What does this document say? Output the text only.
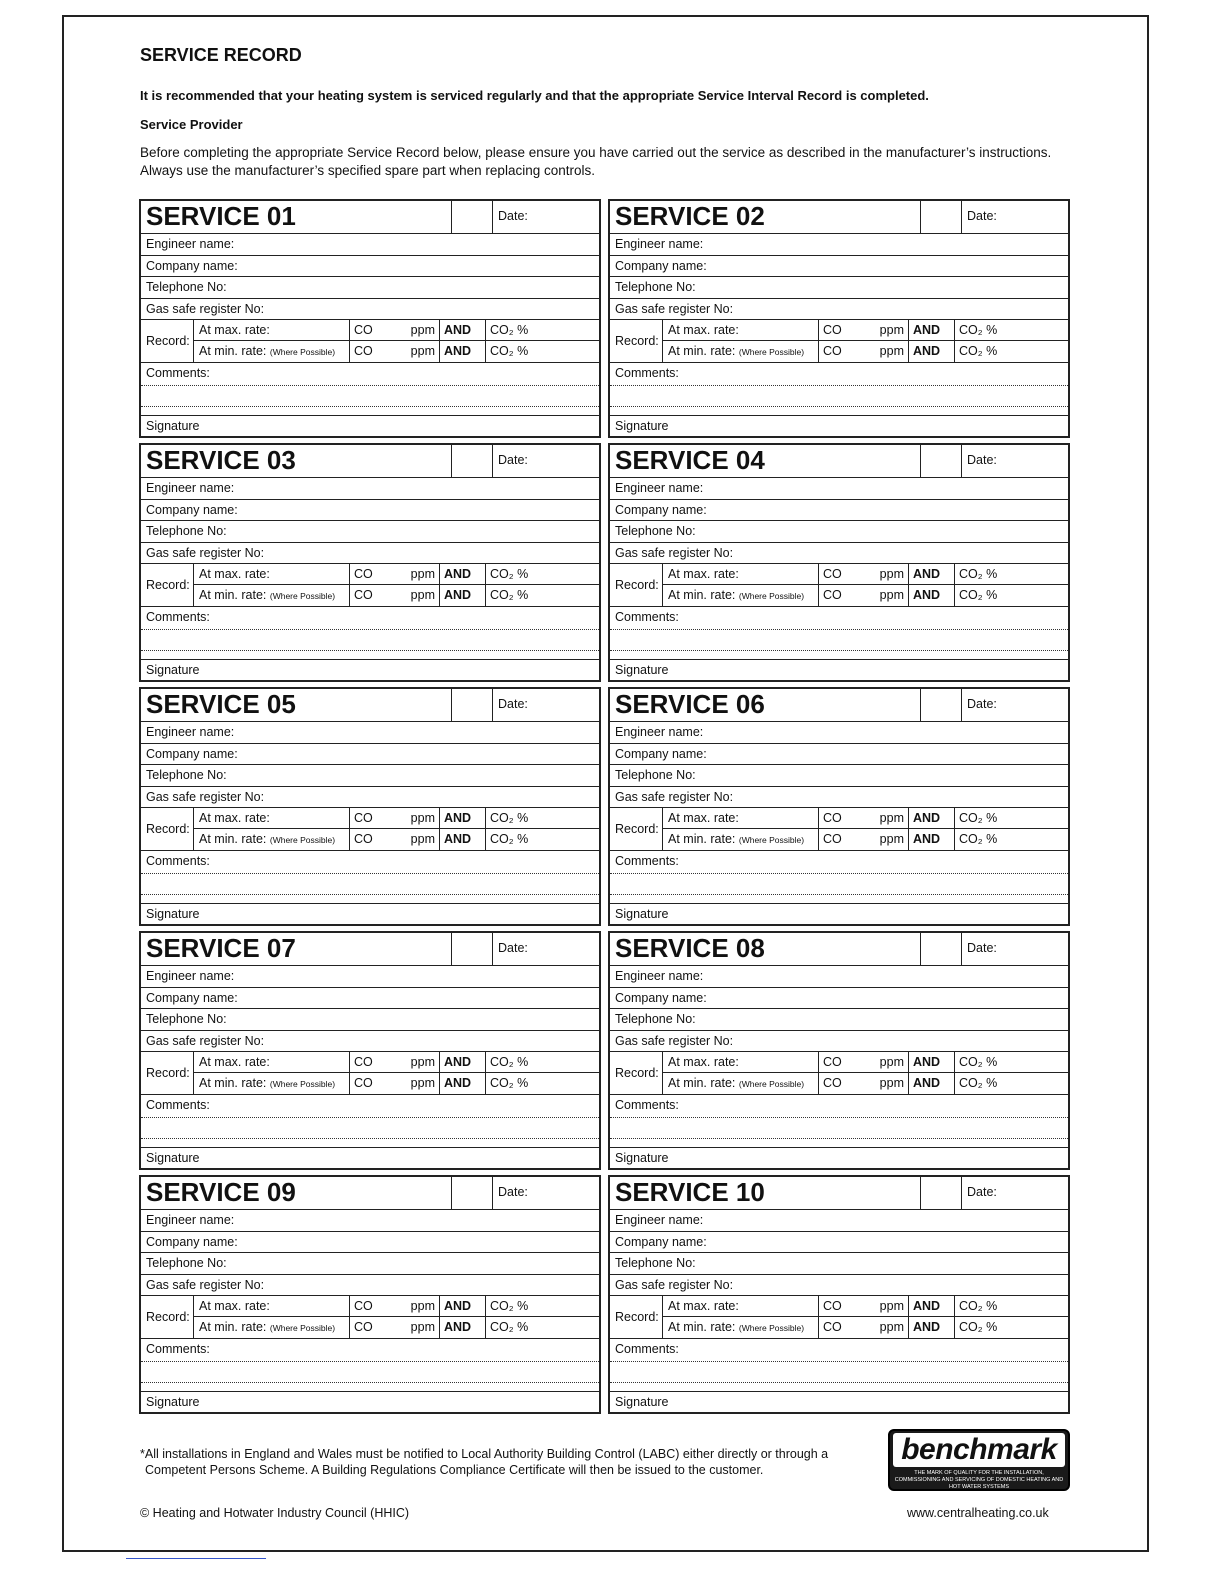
SERVICE RECORD
It is recommended that your heating system is serviced regularly and that the appropriate Service Interval Record is completed.
Service Provider
Before completing the appropriate Service Record below, please ensure you have carried out the service as described in the manufacturer’s instructions.
Always use the manufacturer’s specified spare part when replacing controls.
SERVICE 01	Date:
Engineer name:
Company name:
Telephone No:
Gas safe register No:
Record:
At max. rate:	CO	ppm AND	CO₂ %
At min. rate: (Where Possible)	CO	ppm AND	CO₂ %
Comments:
Signature
SERVICE 02	Date:
Engineer name:
Company name:
Telephone No:
Gas safe register No:
Record:
At max. rate:	CO	ppm AND	CO₂ %
At min. rate: (Where Possible)	CO	ppm AND	CO₂ %
Comments:
Signature
SERVICE 03	Date:
Engineer name:
Company name:
Telephone No:
Gas safe register No:
Record:
At max. rate:	CO	ppm AND	CO₂ %
At min. rate: (Where Possible)	CO	ppm AND	CO₂ %
Comments:
Signature
SERVICE 04	Date:
Engineer name:
Company name:
Telephone No:
Gas safe register No:
Record:
At max. rate:	CO	ppm AND	CO₂ %
At min. rate: (Where Possible)	CO	ppm AND	CO₂ %
Comments:
Signature
SERVICE 05	Date:
Engineer name:
Company name:
Telephone No:
Gas safe register No:
Record:
At max. rate:	CO	ppm AND	CO₂ %
At min. rate: (Where Possible)	CO	ppm AND	CO₂ %
Comments:
Signature
SERVICE 06	Date:
Engineer name:
Company name:
Telephone No:
Gas safe register No:
Record:
At max. rate:	CO	ppm AND	CO₂ %
At min. rate: (Where Possible)	CO	ppm AND	CO₂ %
Comments:
Signature
SERVICE 07	Date:
Engineer name:
Company name:
Telephone No:
Gas safe register No:
Record:
At max. rate:	CO	ppm AND	CO₂ %
At min. rate: (Where Possible)	CO	ppm AND	CO₂ %
Comments:
Signature
SERVICE 08	Date:
Engineer name:
Company name:
Telephone No:
Gas safe register No:
Record:
At max. rate:	CO	ppm AND	CO₂ %
At min. rate: (Where Possible)	CO	ppm AND	CO₂ %
Comments:
Signature
SERVICE 09	Date:
Engineer name:
Company name:
Telephone No:
Gas safe register No:
Record:
At max. rate:	CO	ppm AND	CO₂ %
At min. rate: (Where Possible)	CO	ppm AND	CO₂ %
Comments:
Signature
SERVICE 10	Date:
Engineer name:
Company name:
Telephone No:
Gas safe register No:
Record:
At max. rate:	CO	ppm AND	CO₂ %
At min. rate: (Where Possible)	CO	ppm AND	CO₂ %
Comments:
Signature
*All installations in England and Wales must be notified to Local Authority Building Control (LABC) either directly or through a
Competent Persons Scheme. A Building Regulations Compliance Certificate will then be issued to the customer.
© Heating and Hotwater Industry Council (HHIC)	www.centralheating.co.uk
benchmark
THE MARK OF QUALITY FOR THE INSTALLATION, COMMISSIONING AND SERVICING OF DOMESTIC HEATING AND HOT WATER SYSTEMS
